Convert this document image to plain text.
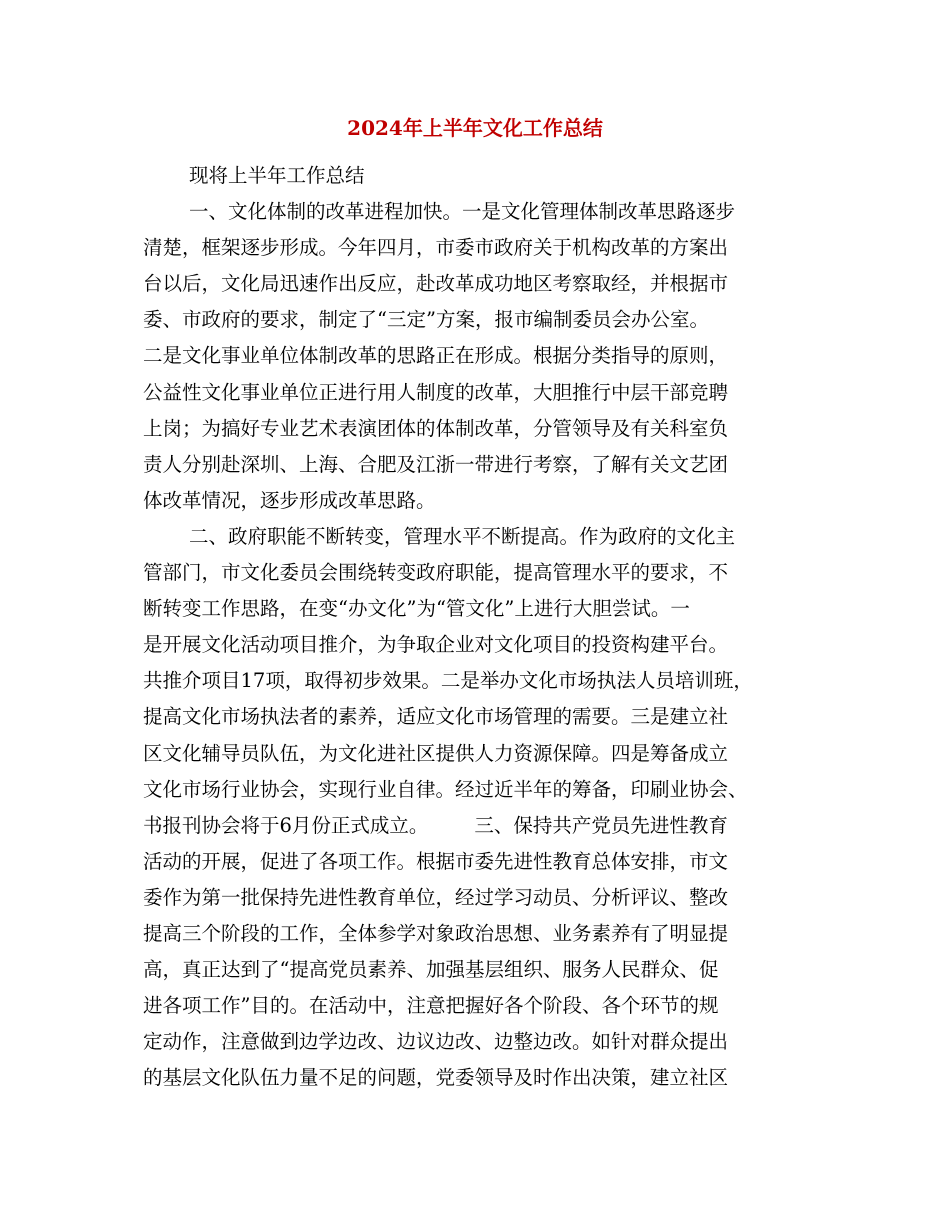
2024年上半年文化工作总结
现将上半年工作总结
一、文化体制的改革进程加快。一是文化管理体制改革思路逐步
清楚，框架逐步形成。今年四月，市委市政府关于机构改革的方案出
台以后，文化局迅速作出反应，赴改革成功地区考察取经，并根据市
委、市政府的要求，制定了“三定”方案，报市编制委员会办公室。
二是文化事业单位体制改革的思路正在形成。根据分类指导的原则，
公益性文化事业单位正进行用人制度的改革，大胆推行中层干部竞聘
上岗；为搞好专业艺术表演团体的体制改革，分管领导及有关科室负
责人分别赴深圳、上海、合肥及江浙一带进行考察，了解有关文艺团
体改革情况，逐步形成改革思路。
二、政府职能不断转变，管理水平不断提高。作为政府的文化主
管部门，市文化委员会围绕转变政府职能，提高管理水平的要求，不
断转变工作思路，在变“办文化”为“管文化”上进行大胆尝试。一
是开展文化活动项目推介，为争取企业对文化项目的投资构建平台。
共推介项目17项，取得初步效果。二是举办文化市场执法人员培训班，
提高文化市场执法者的素养，适应文化市场管理的需要。三是建立社
区文化辅导员队伍，为文化进社区提供人力资源保障。四是筹备成立
文化市场行业协会，实现行业自律。经过近半年的筹备，印刷业协会、
书报刊协会将于6月份正式成立。 三、保持共产党员先进性教育
活动的开展，促进了各项工作。根据市委先进性教育总体安排，市文
委作为第一批保持先进性教育单位，经过学习动员、分析评议、整改
提高三个阶段的工作，全体参学对象政治思想、业务素养有了明显提
高，真正达到了“提高党员素养、加强基层组织、服务人民群众、促
进各项工作”目的。在活动中，注意把握好各个阶段、各个环节的规
定动作，注意做到边学边改、边议边改、边整边改。如针对群众提出
的基层文化队伍力量不足的问题，党委领导及时作出决策，建立社区
